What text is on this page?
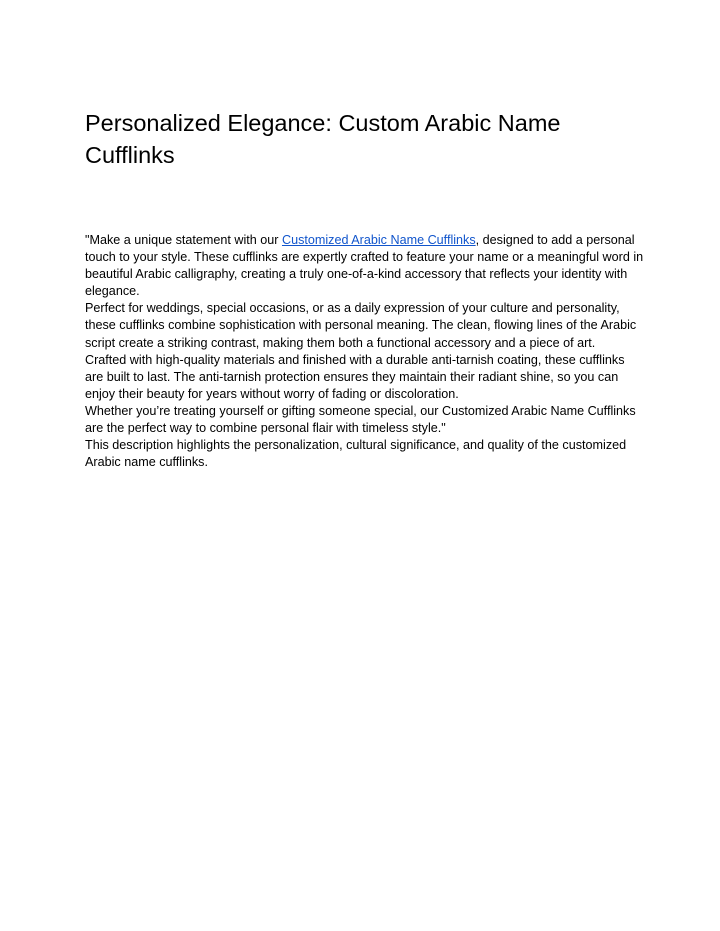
Personalized Elegance: Custom Arabic Name Cufflinks

"Make a unique statement with our Customized Arabic Name Cufflinks, designed to add a personal touch to your style. These cufflinks are expertly crafted to feature your name or a meaningful word in beautiful Arabic calligraphy, creating a truly one-of-a-kind accessory that reflects your identity with elegance.

Perfect for weddings, special occasions, or as a daily expression of your culture and personality, these cufflinks combine sophistication with personal meaning. The clean, flowing lines of the Arabic script create a striking contrast, making them both a functional accessory and a piece of art.

Crafted with high-quality materials and finished with a durable anti-tarnish coating, these cufflinks are built to last. The anti-tarnish protection ensures they maintain their radiant shine, so you can enjoy their beauty for years without worry of fading or discoloration.

Whether you’re treating yourself or gifting someone special, our Customized Arabic Name Cufflinks are the perfect way to combine personal flair with timeless style."

This description highlights the personalization, cultural significance, and quality of the customized Arabic name cufflinks.
